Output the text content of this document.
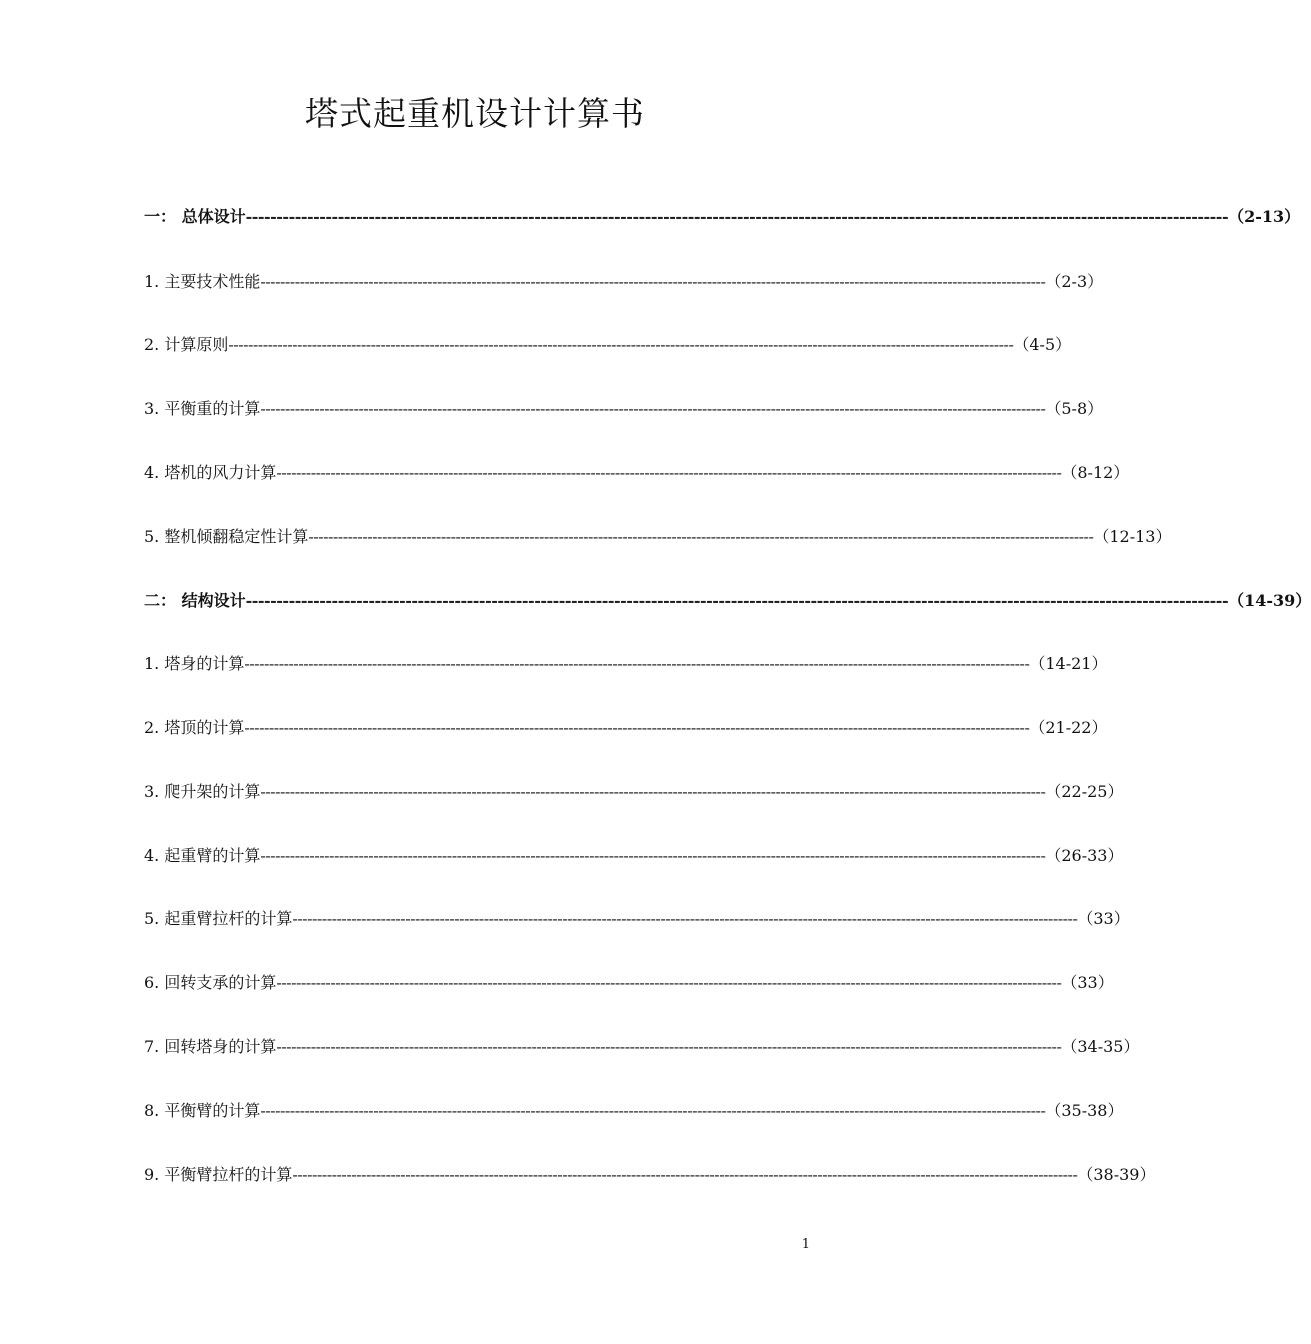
塔式起重机设计计算书
一： 总体设计 ---------------------------------------------------------------------------------------------------------------------------------------------------------------- （2-13）
1. 主要技术性能 ---------------------------------------------------------------------------------------------------------------------------------------------------------------- （2-3）
2. 计算原则 ---------------------------------------------------------------------------------------------------------------------------------------------------------------- （4-5）
3. 平衡重的计算 ---------------------------------------------------------------------------------------------------------------------------------------------------------------- （5-8）
4. 塔机的风力计算 ---------------------------------------------------------------------------------------------------------------------------------------------------------------- （8-12）
5. 整机倾翻稳定性计算 ---------------------------------------------------------------------------------------------------------------------------------------------------------------- （12-13）
二： 结构设计 ---------------------------------------------------------------------------------------------------------------------------------------------------------------- （14-39）
1. 塔身的计算 ---------------------------------------------------------------------------------------------------------------------------------------------------------------- （14-21）
2. 塔顶的计算 ---------------------------------------------------------------------------------------------------------------------------------------------------------------- （21-22）
3. 爬升架的计算 ---------------------------------------------------------------------------------------------------------------------------------------------------------------- （22-25）
4. 起重臂的计算 ---------------------------------------------------------------------------------------------------------------------------------------------------------------- （26-33）
5. 起重臂拉杆的计算 ---------------------------------------------------------------------------------------------------------------------------------------------------------------- （33）
6. 回转支承的计算 ---------------------------------------------------------------------------------------------------------------------------------------------------------------- （33）
7. 回转塔身的计算 ---------------------------------------------------------------------------------------------------------------------------------------------------------------- （34-35）
8. 平衡臂的计算 ---------------------------------------------------------------------------------------------------------------------------------------------------------------- （35-38）
9. 平衡臂拉杆的计算 ---------------------------------------------------------------------------------------------------------------------------------------------------------------- （38-39）
1
